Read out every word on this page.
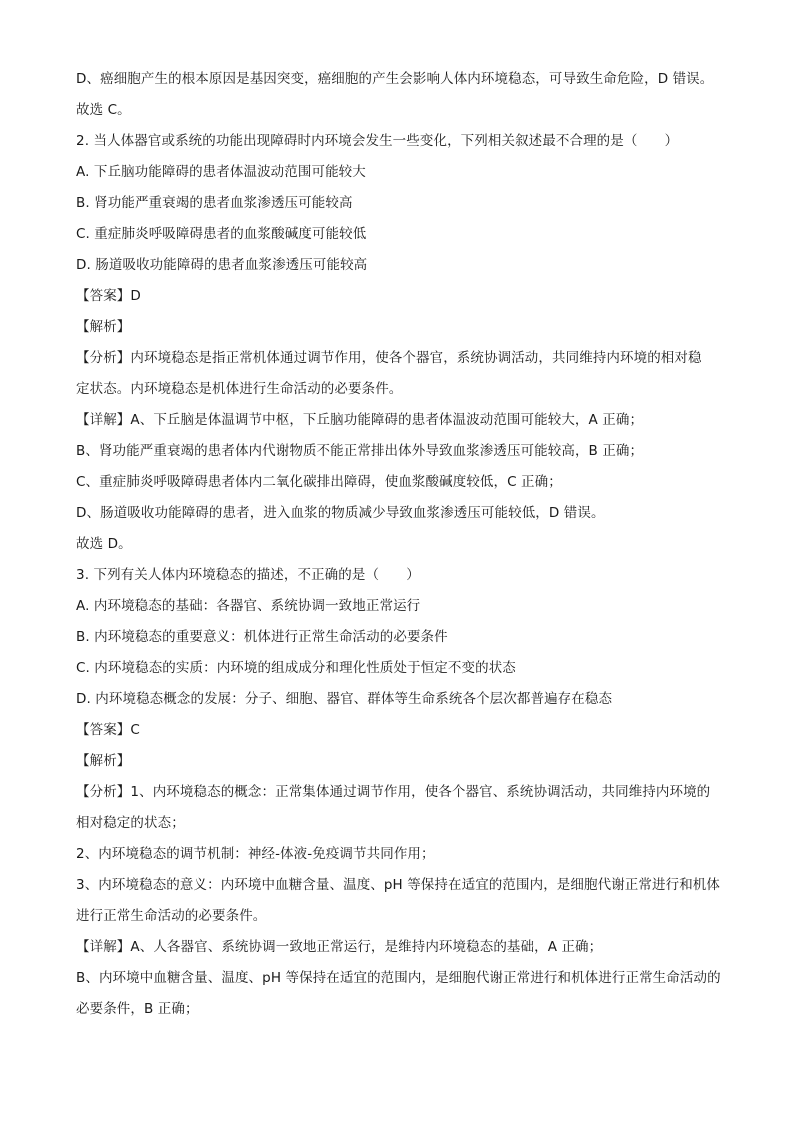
D、癌细胞产生的根本原因是基因突变，癌细胞的产生会影响人体内环境稳态，可导致生命危险，D 错误。
故选 C。
2. 当人体器官或系统的功能出现障碍时内环境会发生一些变化，下列相关叙述最不合理的是（　　）
A. 下丘脑功能障碍的患者体温波动范围可能较大
B. 肾功能严重衰竭的患者血浆渗透压可能较高
C. 重症肺炎呼吸障碍患者的血浆酸碱度可能较低
D. 肠道吸收功能障碍的患者血浆渗透压可能较高
【答案】D
【解析】
【分析】内环境稳态是指正常机体通过调节作用，使各个器官，系统协调活动，共同维持内环境的相对稳
定状态。内环境稳态是机体进行生命活动的必要条件。
【详解】A、下丘脑是体温调节中枢，下丘脑功能障碍的患者体温波动范围可能较大，A 正确；
B、肾功能严重衰竭的患者体内代谢物质不能正常排出体外导致血浆渗透压可能较高，B 正确；
C、重症肺炎呼吸障碍患者体内二氧化碳排出障碍，使血浆酸碱度较低，C 正确；
D、肠道吸收功能障碍的患者，进入血浆的物质减少导致血浆渗透压可能较低，D 错误。
故选 D。
3. 下列有关人体内环境稳态的描述，不正确的是（　　）
A. 内环境稳态的基础：各器官、系统协调一致地正常运行
B. 内环境稳态的重要意义：机体进行正常生命活动的必要条件
C. 内环境稳态的实质：内环境的组成成分和理化性质处于恒定不变的状态
D. 内环境稳态概念的发展：分子、细胞、器官、群体等生命系统各个层次都普遍存在稳态
【答案】C
【解析】
【分析】1、内环境稳态的概念：正常集体通过调节作用，使各个器官、系统协调活动，共同维持内环境的
相对稳定的状态；
2、内环境稳态的调节机制：神经-体液-免疫调节共同作用；
3、内环境稳态的意义：内环境中血糖含量、温度、pH 等保持在适宜的范围内，是细胞代谢正常进行和机体
进行正常生命活动的必要条件。
【详解】A、人各器官、系统协调一致地正常运行，是维持内环境稳态的基础，A 正确；
B、内环境中血糖含量、温度、pH 等保持在适宜的范围内，是细胞代谢正常进行和机体进行正常生命活动的
必要条件，B 正确；
